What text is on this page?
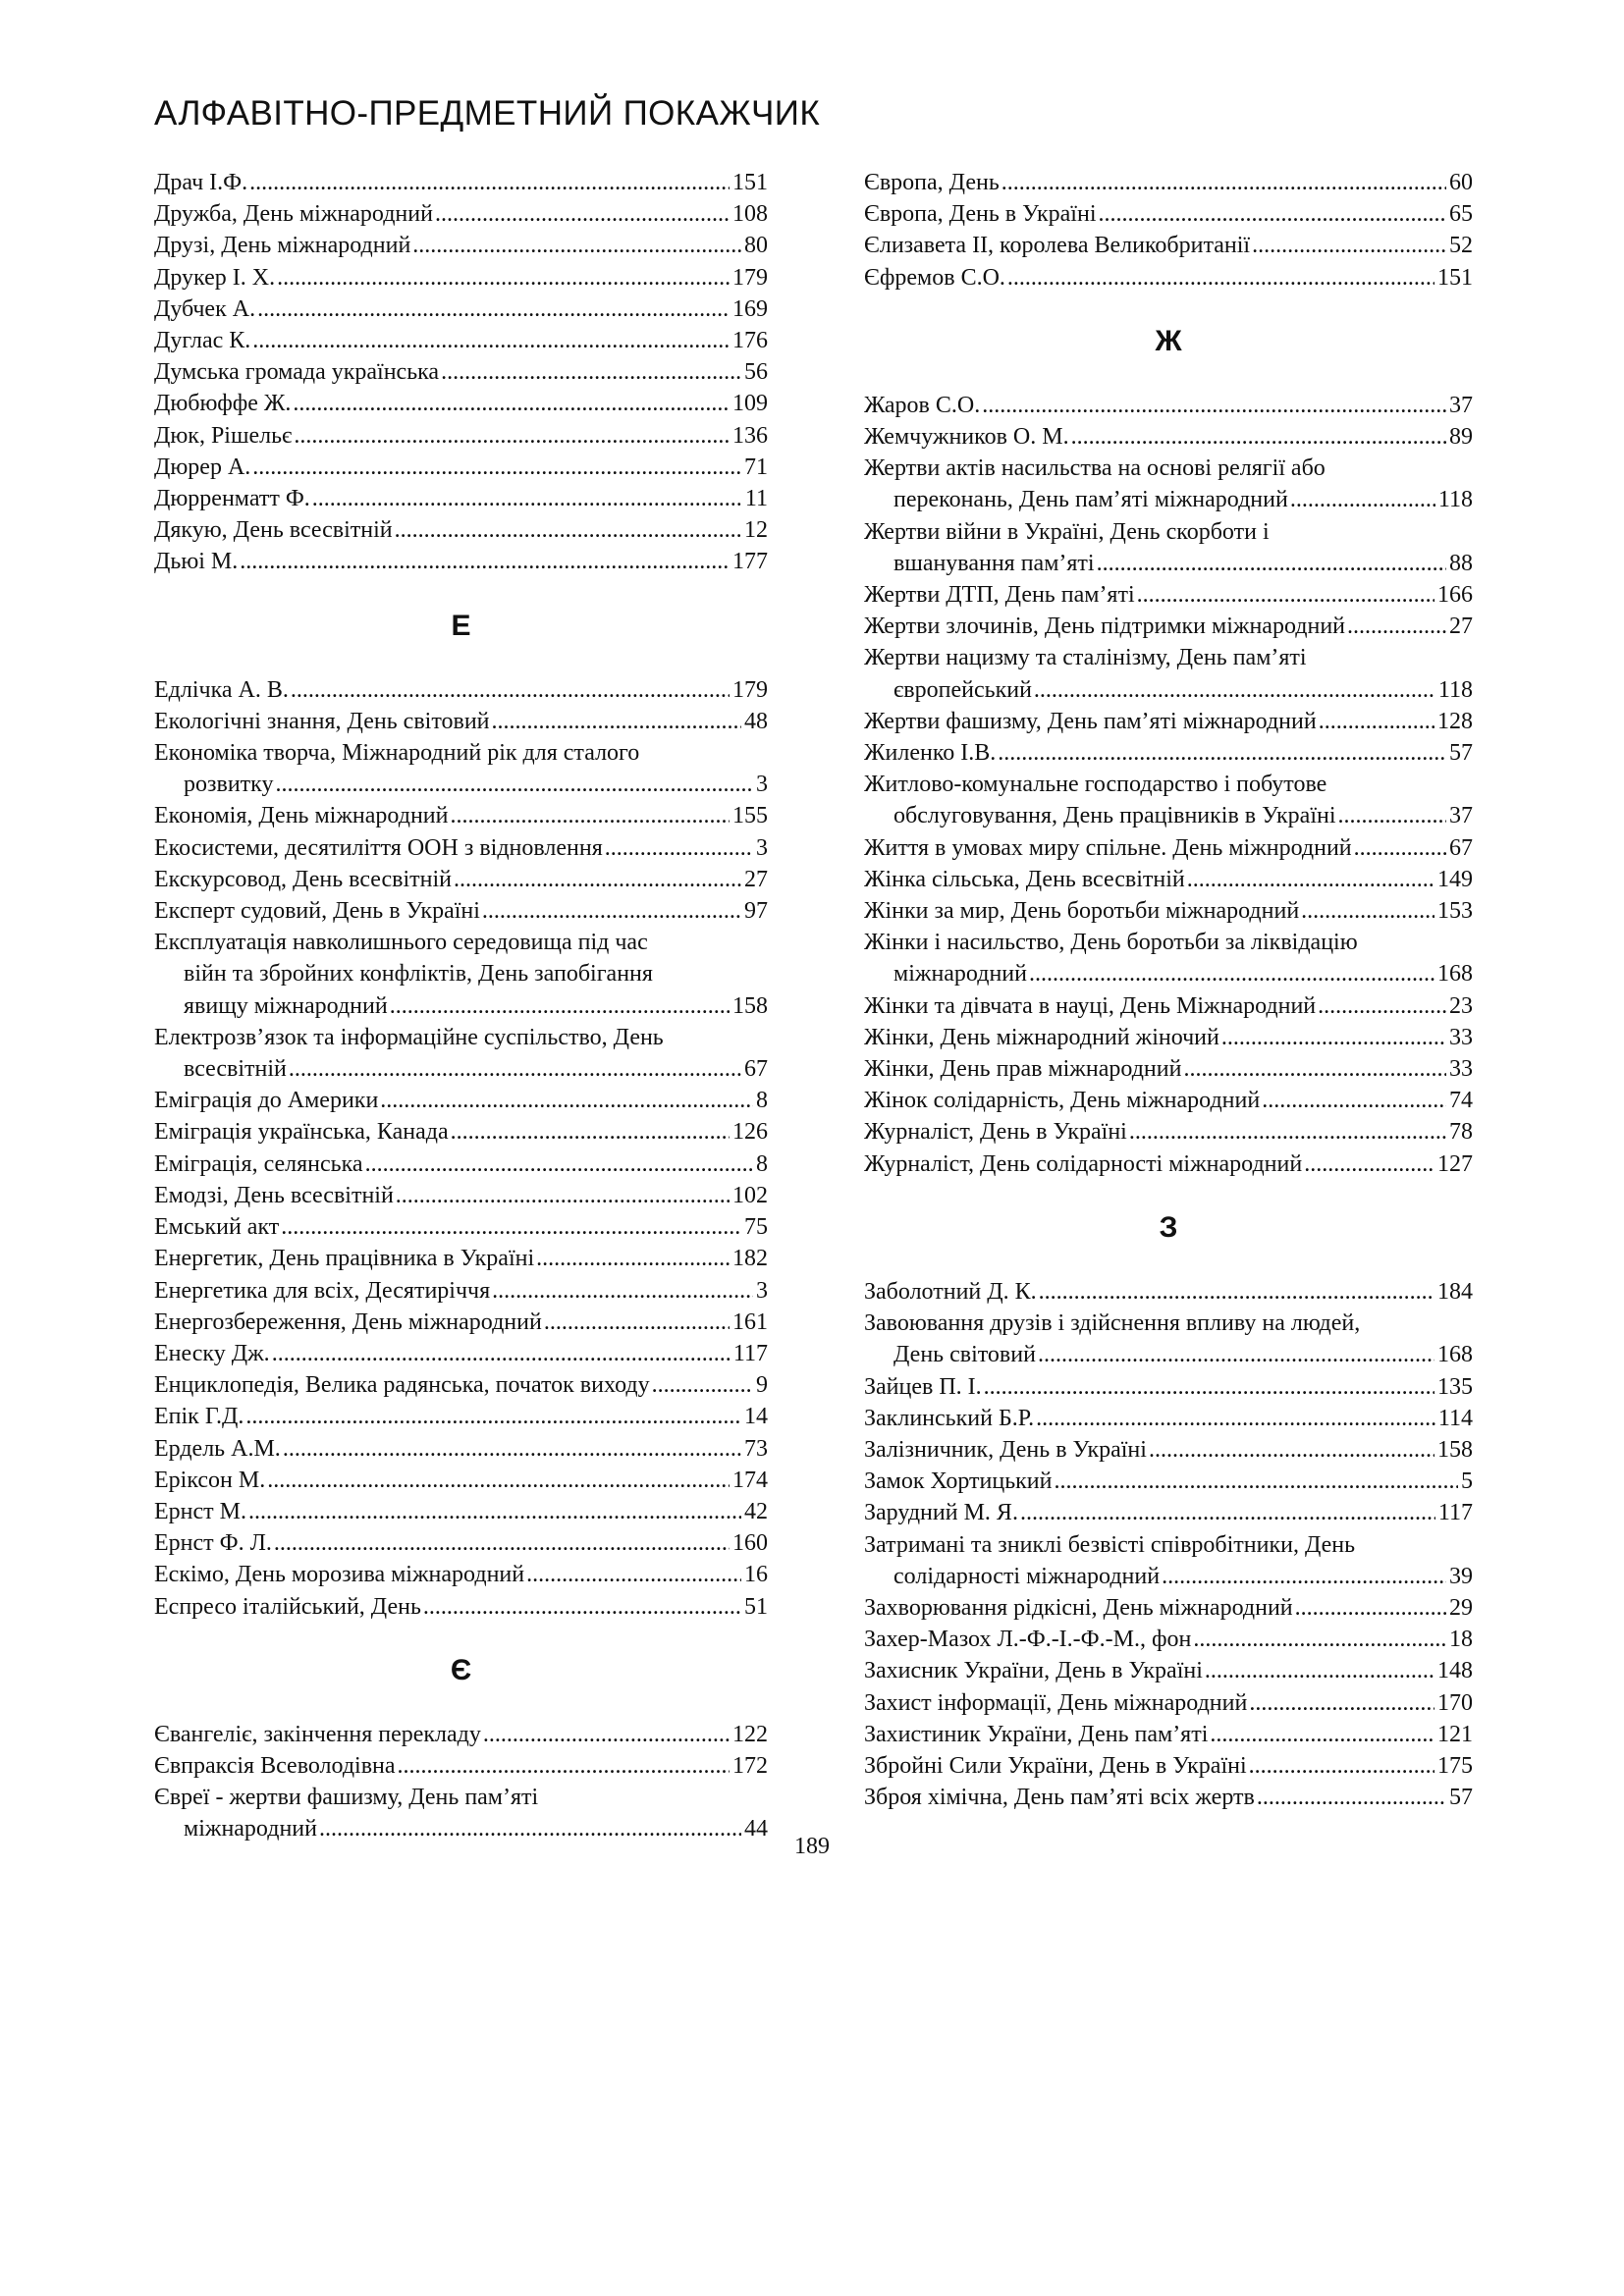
АЛФАВІТНО-ПРЕДМЕТНИЙ ПОКАЖЧИК
Драч І.Ф. .....	151
Дружба, День міжнародний .....	108
Друзі, День міжнародний .....	80
Друкер І. Х. .....	179
Дубчек А. .....	169
Дуглас К. .....	176
Думська громада українська .....	56
Дюбюффе Ж. .....	109
Дюк, Рішельє .....	136
Дюрер А. .....	71
Дюрренматт Ф. .....	11
Дякую, День всесвітній .....	12
Дьюі М. .....	177
Е
Едлічка А. В. .....	179
Екологічні знання, День світовий .....	48
Економіка творча, Міжнародний рік для сталого
розвитку .....	3
Економія, День міжнародний .....	155
Екосистеми, десятиліття ООН з відновлення .....	3
Екскурсовод, День всесвітній .....	27
Експерт судовий, День в Україні .....	97
Експлуатація навколишнього середовища під час
війн та збройних конфліктів, День запобігання
явищу міжнародний .....	158
Електрозв’язок та інформаційне суспільство, День
всесвітній .....	67
Еміграція до Америки .....	8
Еміграція українська, Канада .....	126
Еміграція, селянська .....	8
Емодзі, День всесвітній .....	102
Емський акт .....	75
Енергетик, День працівника в Україні .....	182
Енергетика для всіх, Десятиріччя .....	3
Енергозбереження, День міжнародний .....	161
Енеску Дж. .....	117
Енциклопедія, Велика радянська, початок виходу .....	9
Епік Г.Д. .....	14
Ердель А.М. .....	73
Еріксон М. .....	174
Ернст М. .....	42
Ернст Ф. Л. .....	160
Ескімо, День морозива міжнародний .....	16
Еспресо італійський, День .....	51
Є
Євангеліє, закінчення перекладу .....	122
Євпраксія Всеволодівна .....	172
Євреї - жертви фашизму, День пам’яті
міжнародний .....	44
Європа, День .....	60
Європа, День в Україні .....	65
Єлизавета ІІ, королева Великобританії .....	52
Єфремов С.О. .....	151
Ж
Жаров С.О. .....	37
Жемчужников О. М. .....	89
Жертви актів насильства на основі релягії або
переконань, День пам’яті міжнародний .....	118
Жертви війни в Україні, День скорботи і
вшанування пам’яті .....	88
Жертви ДТП, День пам’яті .....	166
Жертви злочинів, День підтримки міжнародний .....	27
Жертви нацизму та сталінізму, День пам’яті
європейський .....	118
Жертви фашизму, День пам’яті міжнародний .....	128
Жиленко І.В. .....	57
Житлово-комунальне господарство і побутове
обслуговування, День працівників в Україні .....	37
Життя в умовах миру спільне. День міжнродний .....	67
Жінка сільська, День всесвітній .....	149
Жінки за мир, День боротьби міжнародний .....	153
Жінки і насильство, День боротьби за ліквідацію
міжнародний .....	168
Жінки та дівчата в науці, День Міжнародний .....	23
Жінки, День міжнародний жіночий .....	33
Жінки, День прав міжнародний .....	33
Жінок солідарність, День міжнародний .....	74
Журналіст, День в Україні .....	78
Журналіст, День солідарності міжнародний .....	127
З
Заболотний Д. К. .....	184
Завоювання друзів і здійснення впливу на людей,
День світовий .....	168
Зайцев П. І. .....	135
Заклинський Б.Р. .....	114
Залізничник, День в Україні .....	158
Замок Хортицький .....	5
Зарудний М. Я. .....	117
Затримані та зниклі безвісті співробітники, День
солідарності міжнародний .....	39
Захворювання рідкісні, День міжнародний .....	29
Захер-Мазох Л.-Ф.-І.-Ф.-М., фон .....	18
Захисник України, День в Україні .....	148
Захист інформації, День міжнародний .....	170
Захистиник України, День пам’яті .....	121
Збройні Сили України, День в Україні .....	175
Зброя хімічна, День пам’яті всіх жертв .....	57
189
